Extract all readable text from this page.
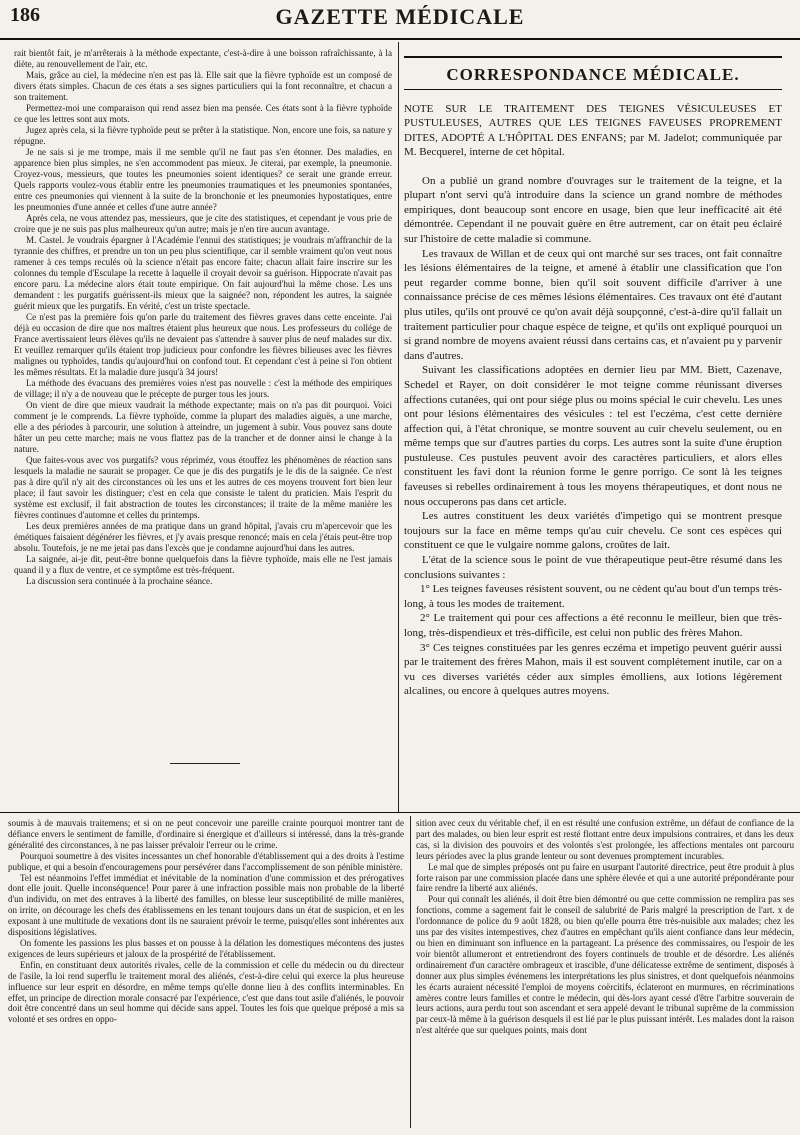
186	GAZETTE MÉDICALE

rait bientôt fait, je m'arrêterais à la méthode expectante, c'est-à-dire à une boisson rafraîchissante, à la diète, au renouvellement de l'air, etc.

Mais, grâce au ciel, la médecine n'en est pas là. Elle sait que la fièvre typhoïde est un composé de divers états simples. Chacun de ces états a ses signes particuliers qui la font reconnaître, et chacun a son traitement.

Permettez-moi une comparaison qui rend assez bien ma pensée. Ces états sont à la fièvre typhoïde ce que les lettres sont aux mots.

Jugez après cela, si la fièvre typhoïde peut se prêter à la statistique. Non, encore une fois, sa nature y répugne.

Je ne sais si je me trompe, mais il me semble qu'il ne faut pas s'en étonner. Des maladies, en apparence bien plus simples, ne s'en accommodent pas mieux. Je citerai, par exemple, la pneumonie. Croyez-vous, messieurs, que toutes les pneumonies soient identiques? ce serait une grande erreur. Quels rapports voulez-vous établir entre les pneumonies traumatiques et les pneumonies spontanées, entre ces pneumonies qui viennent à la suite de la bronchonie et les pneumonies hypostatiques, entre les pneumonies d'une année et celles d'une autre année?

Après cela, ne vous attendez pas, messieurs, que je cite des statistiques, et cependant je vous prie de croire que je ne suis pas plus malheureux qu'un autre; mais je n'en tire aucun avantage.

M. Castel. Je voudrais épargner à l'Académie l'ennui des statistiques; je voudrais m'affranchir de la tyrannie des chiffres, et prendre un ton un peu plus scientifique, car il semble vraiment qu'on veut nous ramener à ces temps reculés où la science n'était pas encore faite; chacun allait faire inscrire sur les colonnes du temple d'Esculape la recette à laquelle il croyait devoir sa guérison. Hippocrate n'avait pas encore paru. La médecine alors était toute empirique. On fait aujourd'hui la même chose. Les uns demandent : les purgatifs guérissent-ils mieux que la saignée? non, répondent les autres, la saignée guérit mieux que les purgatifs. En vérité, c'est un triste spectacle.

Ce n'est pas la première fois qu'on parle du traitement des fièvres graves dans cette enceinte. J'ai déjà eu occasion de dire que nos maîtres étaient plus heureux que nous. Les professeurs du collége de France avertissaient leurs élèves qu'ils ne devaient pas s'attendre à sauver plus de neuf malades sur dix. Et veuillez remarquer qu'ils étaient trop judicieux pour confondre les fièvres bilieuses avec les fièvres malignes ou typhoïdes, tandis qu'aujourd'hui on confond tout. Et cependant c'est à peine si l'on obtient les mêmes résultats. Et la maladie dure jusqu'à 34 jours!

La méthode des évacuans des premières voies n'est pas nouvelle : c'est la méthode des empiriques de village; il n'y a de nouveau que le précepte de purger tous les jours.

On vient de dire que mieux vaudrait la méthode expectante; mais on n'a pas dit pourquoi. Voici comment je le comprends. La fièvre typhoïde, comme la plupart des maladies aiguës, a une marche, elle a des périodes à parcourir, une solution à atteindre, un jugement à subir. Vous pouvez sans doute hâter un peu cette marche; mais ne vous flattez pas de la trancher et de donner ainsi le change à la nature.

Que faites-vous avec vos purgatifs? vous répriméz, vous étouffez les phénomènes de réaction sans lesquels la maladie ne saurait se propager. Ce que je dis des purgatifs je le dis de la saignée. Ce n'est pas à dire qu'il n'y ait des circonstances où les uns et les autres de ces moyens trouvent fort bien leur place; il faut savoir les distinguer; c'est en cela que consiste le talent du praticien. Mais l'esprit du système est exclusif, il fait abstraction de toutes les circonstances; il traite de la même manière les fièvres continues d'automne et celles du printemps.

Les deux premières années de ma pratique dans un grand hôpital, j'avais cru m'apercevoir que les émétiques faisaient dégénérer les fièvres, et j'y avais presque renoncé; mais en cela j'étais peut-être trop absolu. Toutefois, je ne me jetai pas dans l'excès que je condamne aujourd'hui dans les autres.

La saignée, ai-je dit, peut-être bonne quelquefois dans la fièvre typhoïde, mais elle ne l'est jamais quand il y a flux de ventre, et ce symptôme est très-fréquent.

La discussion sera continuée à la prochaine séance.

CORRESPONDANCE MÉDICALE.
NOTE SUR LE TRAITEMENT DES TEIGNES VÉSICULEUSES ET PUSTULEUSES, AUTRES QUE LES TEIGNES FAVEUSES PROPREMENT DITES, ADOPTÉ A L'HÔPITAL DES ENFANS; par M. Jadelot; communiquée par M. Becquerel, interne de cet hôpital.

On a publié un grand nombre d'ouvrages sur le traitement de la teigne, et la plupart n'ont servi qu'à introduire dans la science un grand nombre de méthodes empiriques, dont beaucoup sont encore en usage, bien que leur inefficacité ait été démontrée. Cependant il ne pouvait guère en être autrement, car on était peu éclairé sur l'histoire de cette maladie si commune.

Les travaux de Willan et de ceux qui ont marché sur ses traces, ont fait connaître les lésions élémentaires de la teigne, et amené à établir une classification que l'on peut regarder comme bonne, bien qu'il soit souvent difficile d'arriver à une connaissance précise de ces mêmes lésions élémentaires. Ces travaux ont été d'autant plus utiles, qu'ils ont prouvé ce qu'on avait déjà soupçonné, c'est-à-dire qu'il fallait un traitement particulier pour chaque espèce de teigne, et qu'ils ont expliqué pourquoi un si grand nombre de moyens avaient réussi dans certains cas, et n'avaient pu y parvenir dans d'autres.

Suivant les classifications adoptées en dernier lieu par MM. Biett, Cazenave, Schedel et Rayer, on doit considérer le mot teigne comme réunissant diverses affections cutanées, qui ont pour siége plus ou moins spécial le cuir chevelu. Les unes ont pour lésions élémentaires des vésicules : tel est l'eczéma, c'est cette dernière affection qui, à l'état chronique, se montre souvent au cuir chevelu seulement, ou en même temps que sur d'autres parties du corps. Les autres sont la suite d'une éruption pustuleuse. Ces pustules peuvent avoir des caractères particuliers, et alors elles constituent les favi dont la réunion forme le genre porrigo. Ce sont là les teignes faveuses si rebelles ordinairement à tous les moyens thérapeutiques, et dont nous ne nous occuperons pas dans cet article.

Les autres constituent les deux variétés d'impetigo qui se montrent presque toujours sur la face en même temps qu'au cuir chevelu. Ce sont ces espèces qui constituent ce que le vulgaire nomme galons, croûtes de lait.

L'état de la science sous le point de vue thérapeutique peut-être résumé dans les conclusions suivantes :

1° Les teignes faveuses résistent souvent, ou ne cèdent qu'au bout d'un temps très-long, à tous les modes de traitement.

2° Le traitement qui pour ces affections a été reconnu le meilleur, bien que très-long, très-dispendieux et très-difficile, est celui non public des frères Mahon.

3° Ces teignes constituées par les genres eczéma et impetigo peuvent guérir aussi par le traitement des frères Mahon, mais il est souvent complétement inutile, car on a vu ces diverses variétés céder aux simples émolliens, aux lotions légèrement alcalines, ou encore à quelques autres moyens.

soumis à de mauvais traitemens; et si on ne peut concevoir une pareille crainte pourquoi montrer tant de défiance envers le sentiment de famille, d'ordinaire si énergique et d'ailleurs si intéressé, dans la très-grande généralité des circonstances, à ne pas laisser prévaloir l'erreur ou le crime.

Pourquoi soumettre à des visites incessantes un chef honorable d'établissement qui a des droits à l'estime publique, et qui a besoin d'encouragemens pour persévérer dans l'accomplissement de son pénible ministère.

Tel est néanmoins l'effet immédiat et inévitable de la nomination d'une commission et des prérogatives dont elle jouit. Quelle inconséquence! Pour parer à une infraction possible mais non probable de la liberté d'un individu, on met des entraves à la liberté des familles, on blesse leur susceptibilité de mille manières, on irrite, on décourage les chefs des établissemens en les tenant toujours dans un état de suspicion, et en les exposant à une multitude de vexations dont ils ne sauraient prévoir le terme, puisqu'elles sont inhérentes aux dispositions législatives.

On fomente les passions les plus basses et on pousse à la délation les domestiques mécontens des justes exigences de leurs supérieurs et jaloux de la prospérité de l'établissement.

Enfin, en constituant deux autorités rivales, celle de la commission et celle du médecin ou du directeur de l'asile, la loi rend superflu le traitement moral des aliénés, c'est-à-dire celui qui exerce la plus heureuse influence sur leur esprit en désordre, en même temps qu'elle donne lieu à des conflits interminables. En effet, un principe de direction morale consacré par l'expérience, c'est que dans tout asile d'aliénés, le pouvoir doit être concentré dans un seul homme qui décide sans appel. Toutes les fois que quelque préposé a mis sa volonté et ses ordres en oppo-

sition avec ceux du véritable chef, il en est résulté une confusion extrême, un défaut de confiance de la part des malades, ou bien leur esprit est resté flottant entre deux impulsions contraires, et dans les deux cas, si la division des pouvoirs et des volontés s'est prolongée, les affections mentales ont parcouru leurs périodes avec la plus grande lenteur ou sont devenues promptement incurables.

Le mal que de simples préposés ont pu faire en usurpant l'autorité directrice, peut être produit à plus forte raison par une commission placée dans une sphère élevée et qui a une autorité prépondérante pour faire rendre la liberté aux aliénés.

Pour qui connaît les aliénés, il doit être bien démontré ou que cette commission ne remplira pas ses fonctions, comme a sagement fait le conseil de salubrité de Paris malgré la prescription de l'art. x de l'ordonnance de police du 9 août 1828, ou bien qu'elle pourra être très-nuisible aux malades; chez les uns par des visites intempestives, chez d'autres en empêchant qu'ils aient confiance dans leur médecin, ou bien en diminuant son influence en la partageant. La présence des commissaires, ou l'espoir de les voir bientôt allumeront et entretiendront des foyers continuels de trouble et de désordre. Les aliénés ordinairement d'un caractère ombrageux et irascible, d'une délicatesse extrême de sentiment, disposés à donner aux plus simples événemens les interprétations les plus sinistres, et dont quelquefois néanmoins les écarts auraient nécessité l'emploi de moyens coërcitifs, éclateront en murmures, en récriminations amères contre leurs familles et contre le médecin, qui dès-lors ayant cessé d'être l'arbitre souverain de leurs actions, aura perdu tout son ascendant et sera appelé devant le tribunal suprême de la commission par ceux-là même à la guérison desquels il est lié par le plus puissant intérêt. Les malades dont la raison n'est altérée que sur quelques points, mais dont
